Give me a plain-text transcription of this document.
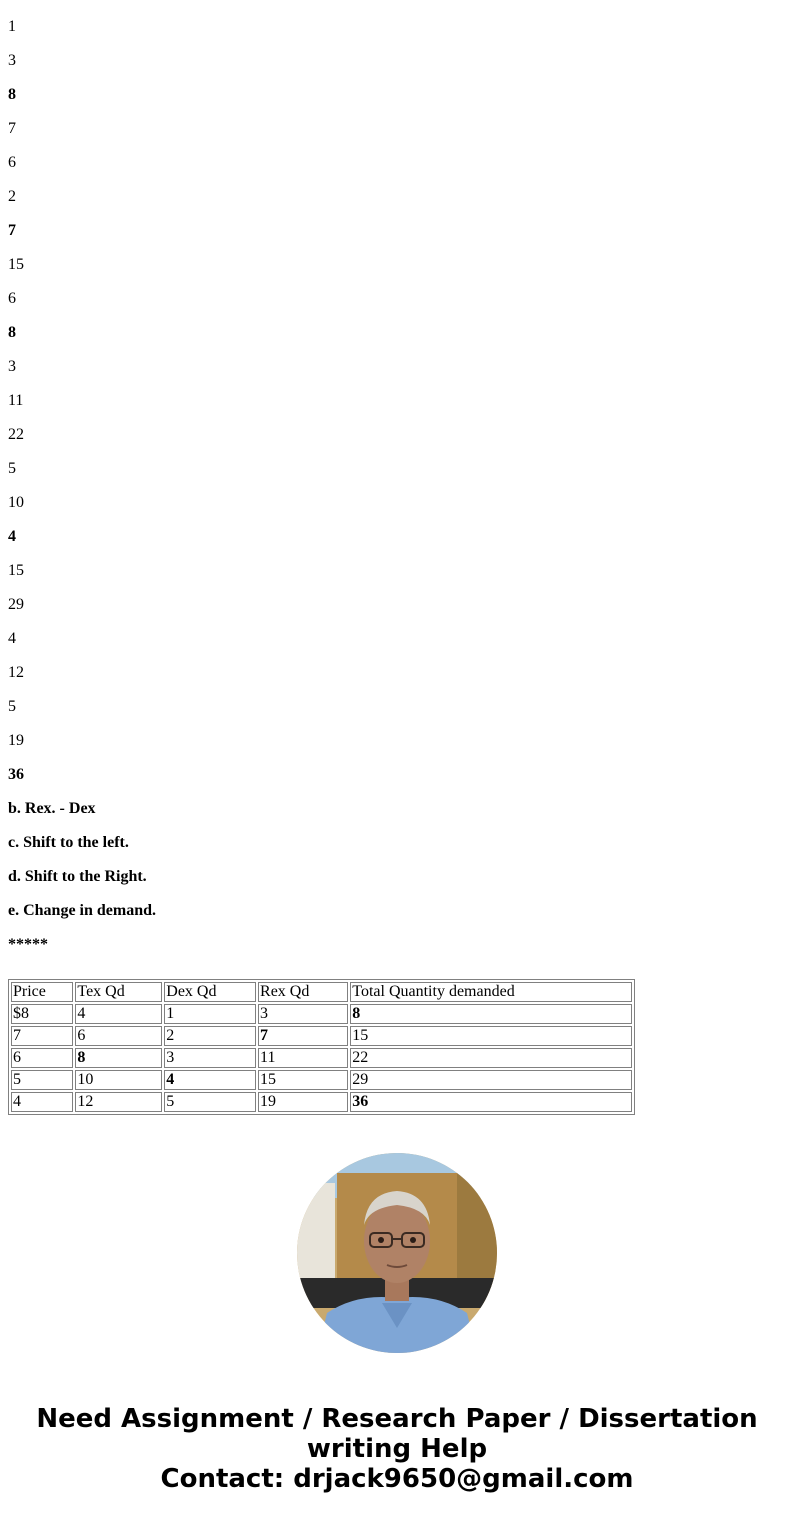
1

3

8

7

6

2

7

15

6

8

3

11

22

5

10

4

15

29

4

12

5

19

36

b. Rex. - Dex

c. Shift to the left.

d. Shift to the Right.

e. Change in demand.

*****

Price	Tex Qd	Dex Qd	Rex Qd	Total Quantity demanded
$8	4	1	3	8
7	6	2	7	15
6	8	3	11	22
5	10	4	15	29
4	12	5	19	36
Need Assignment / Research Paper / Dissertation
writing Help
Contact: drjack9650@gmail.com
